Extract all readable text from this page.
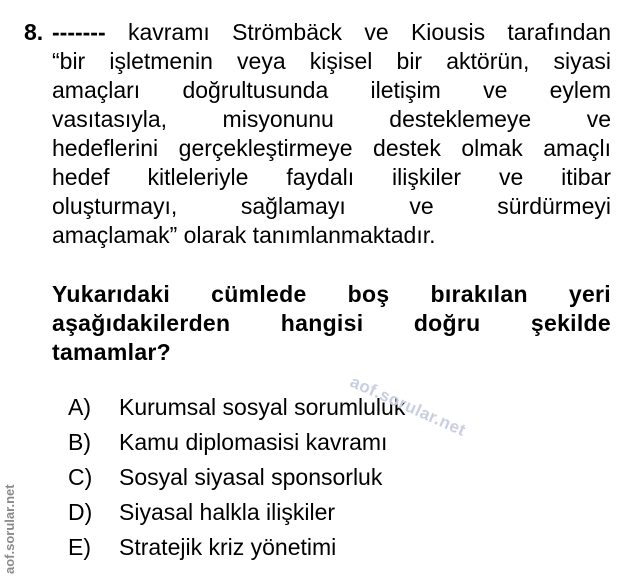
8. ------- kavramı Strömbäck ve Kiousis tarafından
“bir işletmenin veya kişisel bir aktörün, siyasi
amaçları doğrultusunda iletişim ve eylem
vasıtasıyla, misyonunu desteklemeye ve
hedeflerini gerçekleştirmeye destek olmak amaçlı
hedef kitleleriyle faydalı ilişkiler ve itibar
oluşturmayı, sağlamayı ve sürdürmeyi
amaçlamak” olarak tanımlanmaktadır.
Yukarıdaki cümlede boş bırakılan yeri
aşağıdakilerden hangisi doğru şekilde
tamamlar?
A)	Kurumsal sosyal sorumluluk
B)	Kamu diplomasisi kavramı
C)	Sosyal siyasal sponsorluk
D)	Siyasal halkla ilişkiler
E)	Stratejik kriz yönetimi
aof.sorular.net
aof.sorular.net
